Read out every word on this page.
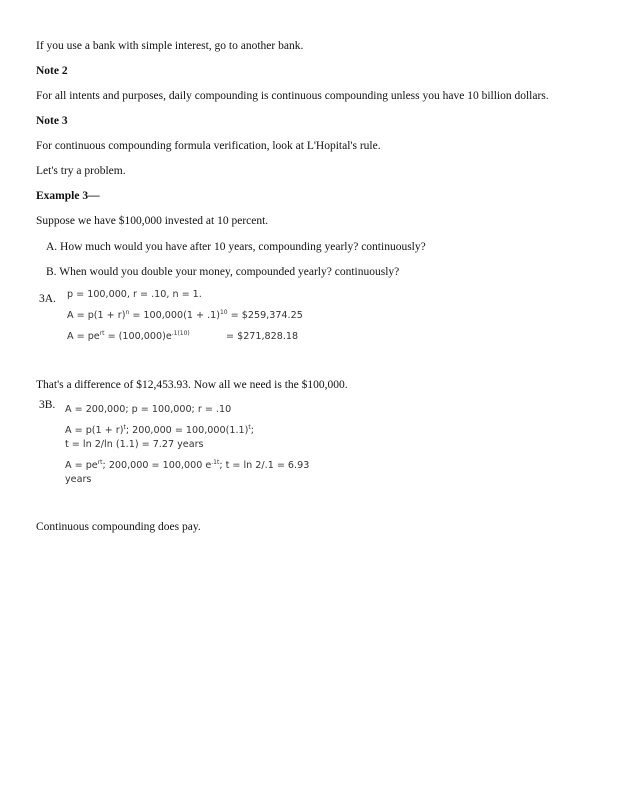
If you use a bank with simple interest, go to another bank.
Note 2
For all intents and purposes, daily compounding is continuous compounding unless you have 10 billion dollars.
Note 3
For continuous compounding formula verification, look at L'Hopital's rule.
Let's try a problem.
Example 3—
Suppose we have $100,000 invested at 10 percent.
A. How much would you have after 10 years, compounding yearly? continuously?
B. When would you double your money, compounded yearly? continuously?
3A. p = 100,000, r = .10, n = 1.
$A = p(1 + r)^n = 100,000(1 + .1)^{10}$ = $259,374.25
$A = pe^{rt} = (100,000)e^{.1(10)}$	= $271,828.18
That's a difference of $12,453.93. Now all we need is the $100,000.
3B. A = 200,000; p = 100,000; r = .10
$A = p(1 + r)^t$; $200,000 = 100,000(1.1)^t$;
t = ln 2/ln (1.1) = 7.27 years
$A = pe^{rt}$; 200,000 = 100,000 $e^{.1t}$; t = ln 2/.1 = 6.93
years
Continuous compounding does pay.
